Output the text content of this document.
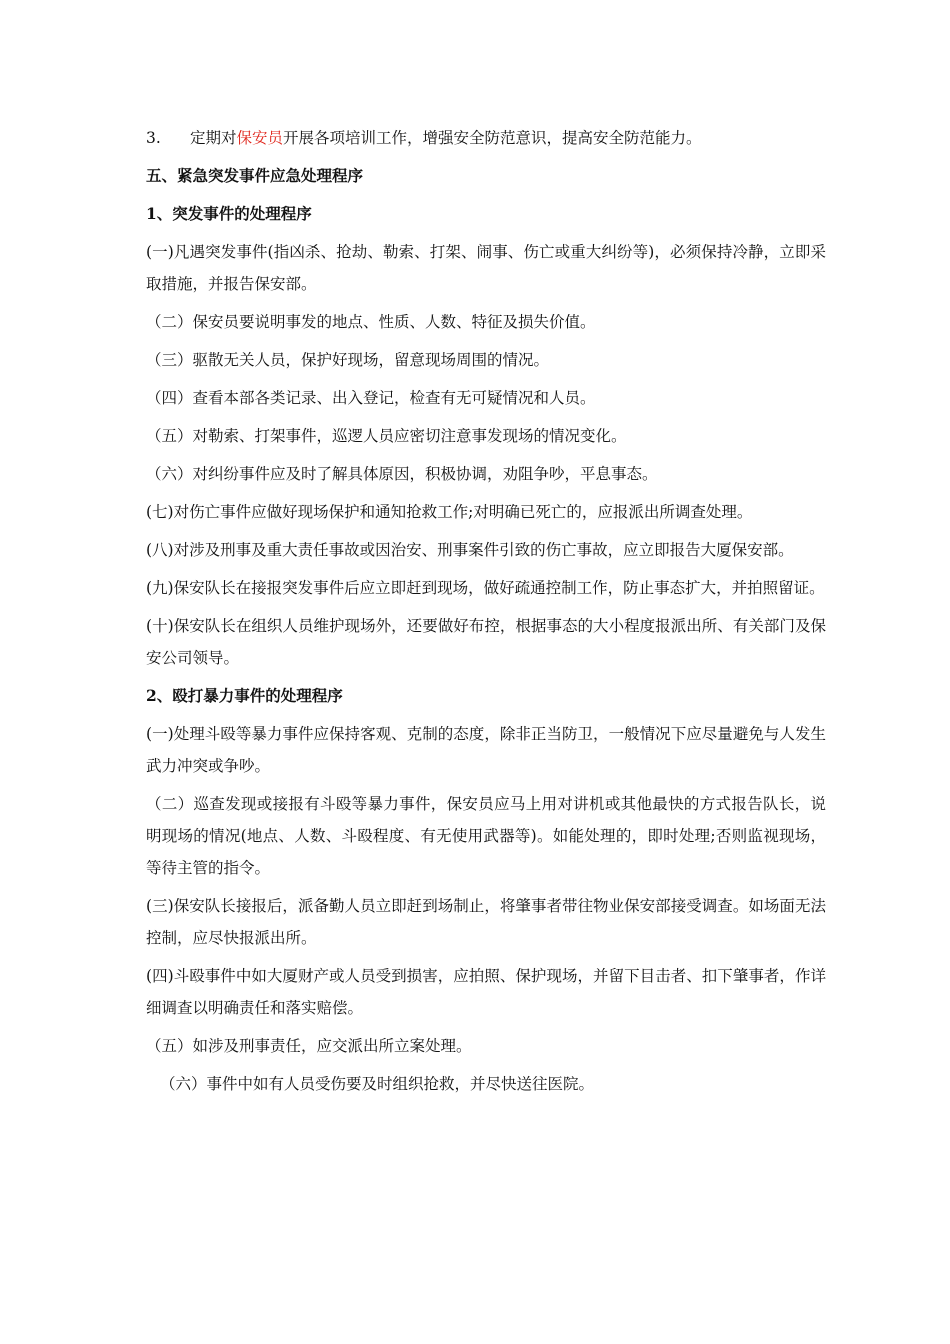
3. 定期对保安员开展各项培训工作，增强安全防范意识，提高安全防范能力。

五、紧急突发事件应急处理程序

1、突发事件的处理程序

(一)凡遇突发事件(指凶杀、抢劫、勒索、打架、闹事、伤亡或重大纠纷等)，必须保持冷静，立即采取措施，并报告保安部。

（二）保安员要说明事发的地点、性质、人数、特征及损失价值。

（三）驱散无关人员，保护好现场，留意现场周围的情况。

（四）查看本部各类记录、出入登记，检查有无可疑情况和人员。

（五）对勒索、打架事件，巡逻人员应密切注意事发现场的情况变化。

（六）对纠纷事件应及时了解具体原因，积极协调，劝阻争吵，平息事态。

(七)对伤亡事件应做好现场保护和通知抢救工作;对明确已死亡的，应报派出所调查处理。

(八)对涉及刑事及重大责任事故或因治安、刑事案件引致的伤亡事故，应立即报告大厦保安部。

(九)保安队长在接报突发事件后应立即赶到现场，做好疏通控制工作，防止事态扩大，并拍照留证。

(十)保安队长在组织人员维护现场外，还要做好布控，根据事态的大小程度报派出所、有关部门及保安公司领导。

2、殴打暴力事件的处理程序

(一)处理斗殴等暴力事件应保持客观、克制的态度，除非正当防卫，一般情况下应尽量避免与人发生武力冲突或争吵。

（二）巡查发现或接报有斗殴等暴力事件，保安员应马上用对讲机或其他最快的方式报告队长，说明现场的情况(地点、人数、斗殴程度、有无使用武器等)。如能处理的，即时处理;否则监视现场，等待主管的指令。

(三)保安队长接报后，派备勤人员立即赶到场制止，将肇事者带往物业保安部接受调查。如场面无法控制，应尽快报派出所。

(四)斗殴事件中如大厦财产或人员受到损害，应拍照、保护现场，并留下目击者、扣下肇事者，作详细调查以明确责任和落实赔偿。

（五）如涉及刑事责任，应交派出所立案处理。

（六）事件中如有人员受伤要及时组织抢救，并尽快送往医院。
